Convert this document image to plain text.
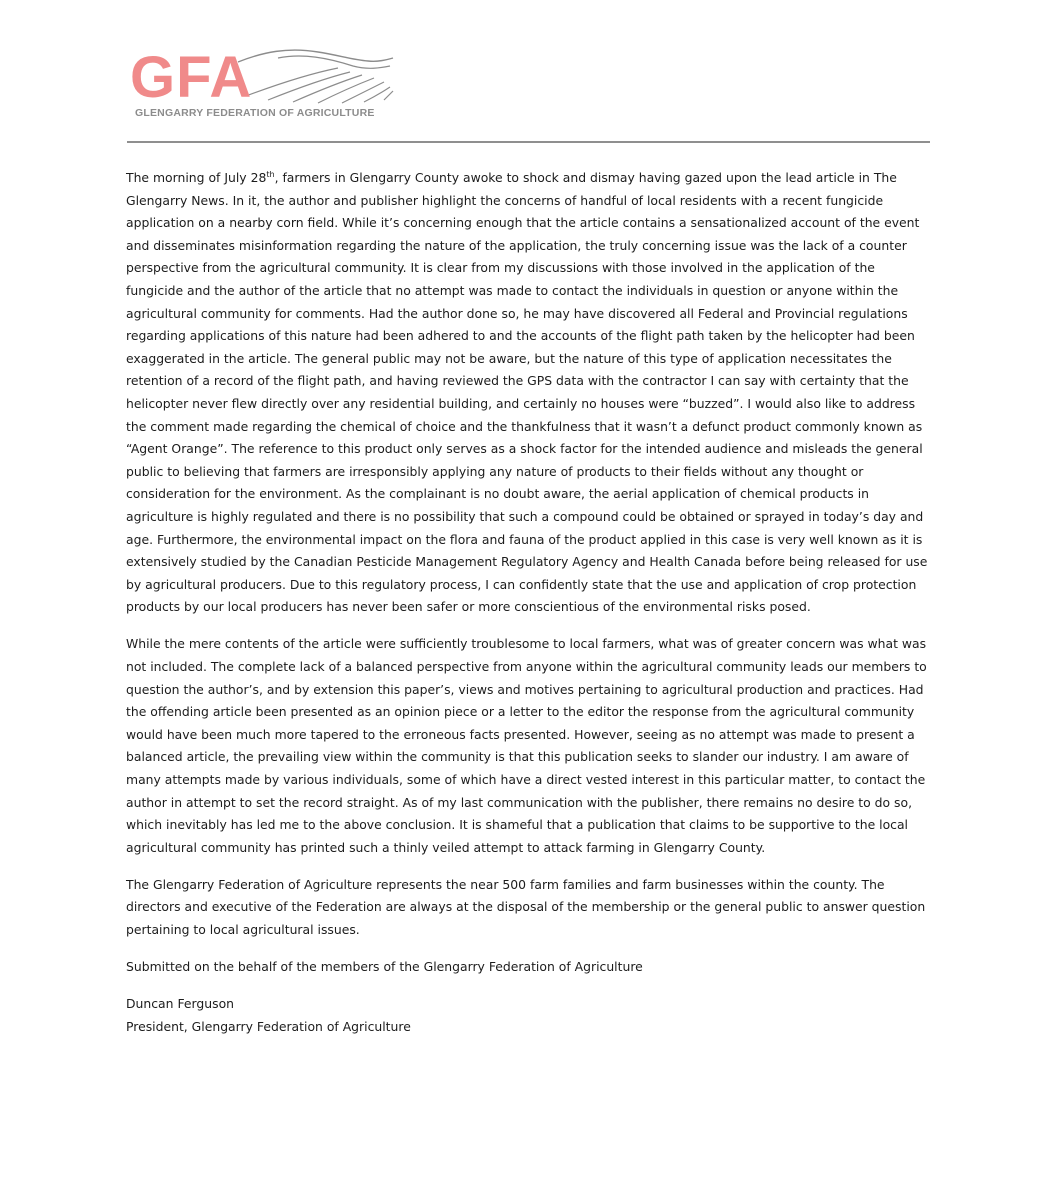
GFA
GLENGARRY FEDERATION OF AGRICULTURE

The morning of July 28th, farmers in Glengarry County awoke to shock and dismay having gazed upon the lead article in The Glengarry News. In it, the author and publisher highlight the concerns of handful of local residents with a recent fungicide application on a nearby corn field. While it’s concerning enough that the article contains a sensationalized account of the event and disseminates misinformation regarding the nature of the application, the truly concerning issue was the lack of a counter perspective from the agricultural community. It is clear from my discussions with those involved in the application of the fungicide and the author of the article that no attempt was made to contact the individuals in question or anyone within the agricultural community for comments. Had the author done so, he may have discovered all Federal and Provincial regulations regarding applications of this nature had been adhered to and the accounts of the flight path taken by the helicopter had been exaggerated in the article. The general public may not be aware, but the nature of this type of application necessitates the retention of a record of the flight path, and having reviewed the GPS data with the contractor I can say with certainty that the helicopter never flew directly over any residential building, and certainly no houses were “buzzed”. I would also like to address the comment made regarding the chemical of choice and the thankfulness that it wasn’t a defunct product commonly known as “Agent Orange”. The reference to this product only serves as a shock factor for the intended audience and misleads the general public to believing that farmers are irresponsibly applying any nature of products to their fields without any thought or consideration for the environment. As the complainant is no doubt aware, the aerial application of chemical products in agriculture is highly regulated and there is no possibility that such a compound could be obtained or sprayed in today’s day and age. Furthermore, the environmental impact on the flora and fauna of the product applied in this case is very well known as it is extensively studied by the Canadian Pesticide Management Regulatory Agency and Health Canada before being released for use by agricultural producers. Due to this regulatory process, I can confidently state that the use and application of crop protection products by our local producers has never been safer or more conscientious of the environmental risks posed.

While the mere contents of the article were sufficiently troublesome to local farmers, what was of greater concern was what was not included. The complete lack of a balanced perspective from anyone within the agricultural community leads our members to question the author’s, and by extension this paper’s, views and motives pertaining to agricultural production and practices. Had the offending article been presented as an opinion piece or a letter to the editor the response from the agricultural community would have been much more tapered to the erroneous facts presented. However, seeing as no attempt was made to present a balanced article, the prevailing view within the community is that this publication seeks to slander our industry. I am aware of many attempts made by various individuals, some of which have a direct vested interest in this particular matter, to contact the author in attempt to set the record straight. As of my last communication with the publisher, there remains no desire to do so, which inevitably has led me to the above conclusion. It is shameful that a publication that claims to be supportive to the local agricultural community has printed such a thinly veiled attempt to attack farming in Glengarry County.

The Glengarry Federation of Agriculture represents the near 500 farm families and farm businesses within the county. The directors and executive of the Federation are always at the disposal of the membership or the general public to answer question pertaining to local agricultural issues.

Submitted on the behalf of the members of the Glengarry Federation of Agriculture

Duncan Ferguson

President, Glengarry Federation of Agriculture
